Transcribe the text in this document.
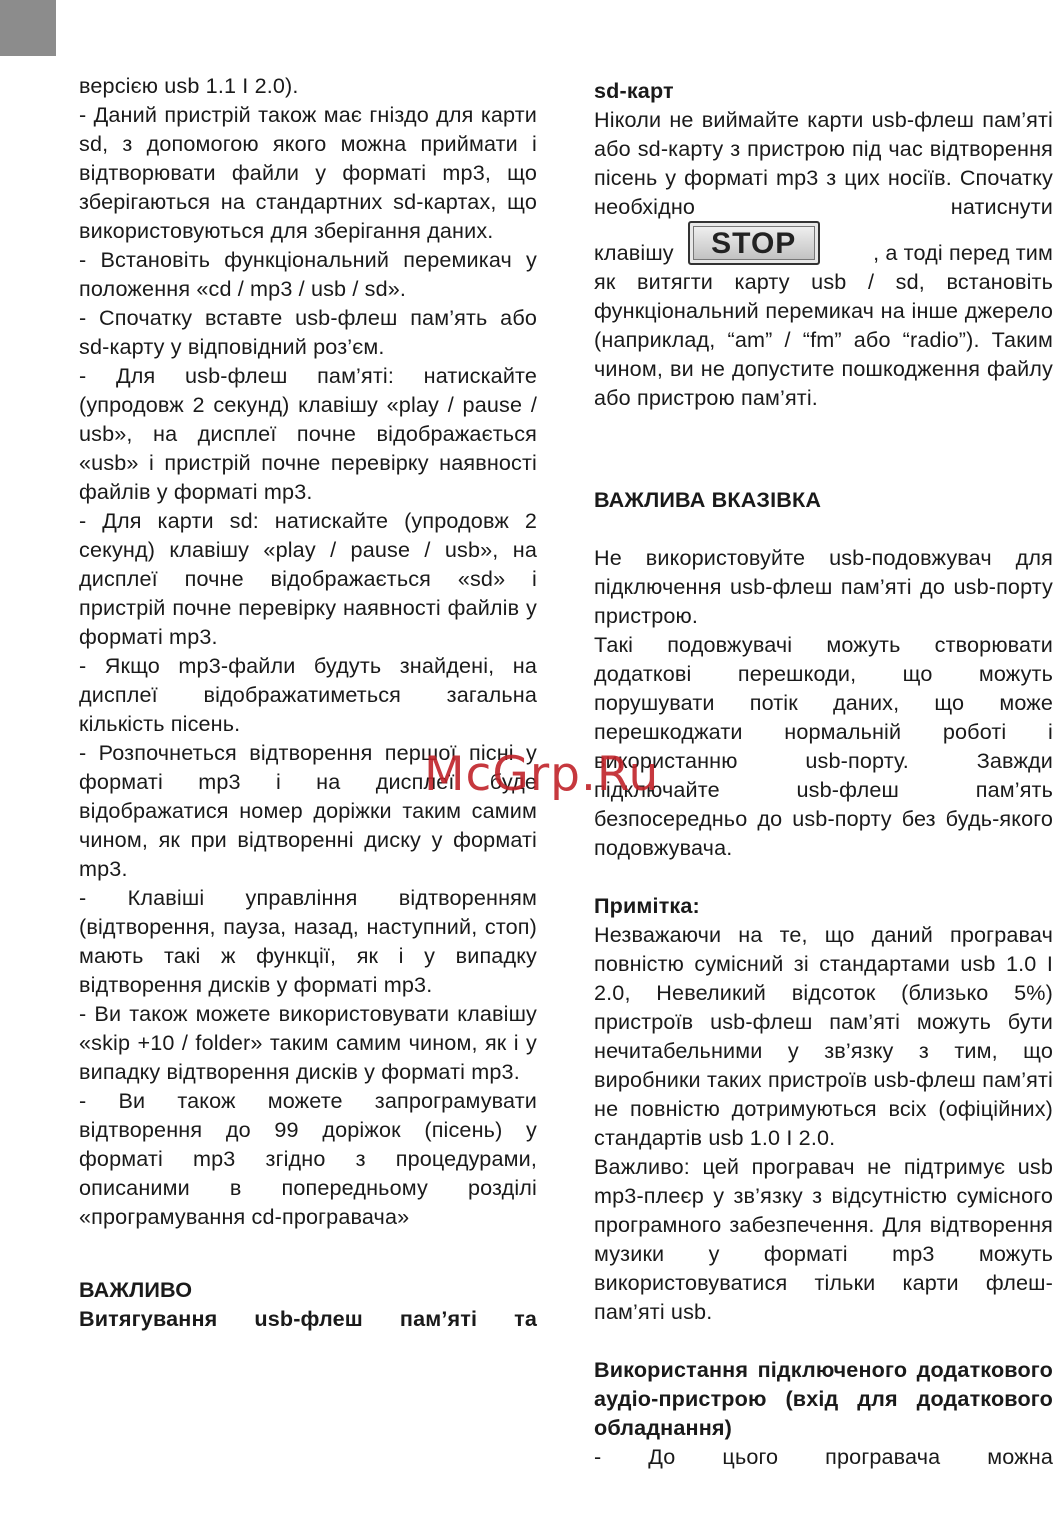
версією usb 1.1 І 2.0).

- Даний пристрій також має гніздо для карти sd, з допомогою якого можна приймати і відтворювати файли у форматі mp3, що зберігаються на стандартних sd-картах, що використовуються для зберігання даних.

- Встановіть функціональний перемикач у положення «cd / mp3 / usb / sd».

- Спочатку вставте usb-флеш пам’ять або sd-карту у відповідний роз’єм.

- Для usb-флеш пам’яті: натискайте (упродовж 2 секунд) клавішу «play / pause / usb», на дисплеї почне відображається «usb» і пристрій почне перевірку наявності файлів у форматі mp3.

- Для карти sd: натискайте (упродовж 2 секунд) клавішу «play / pause / usb», на дисплеї почне відображається «sd» і пристрій почне перевірку наявності файлів у форматі mp3.

- Якщо mp3-файли будуть знайдені, на дисплеї відображатиметься загальна кількість пісень.

- Розпочнеться відтворення першої пісні у форматі mp3 і на дисплеї буде відображатися номер доріжки таким самим чином, як при відтворенні диску у форматі mp3.

- Клавіші управління відтворенням (відтворення, пауза, назад, наступний, стоп) мають такі ж функції, як і у випадку відтворення дисків у форматі mp3.

- Ви також можете використовувати клавішу «skip +10 / folder» таким самим чином, як і у випадку відтворення дисків у форматі mp3.

- Ви також можете запрограмувати відтворення до 99 доріжок (пісень) у форматі mp3 згідно з процедурами, описаними в попередньому розділі «програмування cd-програвача»

ВАЖЛИВО
Витягування usb-флеш пам’яті та
sd-карт

Ніколи не виймайте карти usb-флеш пам’яті або sd-карту з пристрою під час відтворення пісень у форматі mp3 з цих носіїв. Спочатку необхідно натиснути

клавішу	STOP	, а тоді перед тим

як витягти карту usb / sd, встановіть функціональний перемикач на інше джерело (наприклад, “am” / “fm” або “radio”). Таким чином, ви не допустите пошкодження файлу або пристрою пам’яті.

ВАЖЛИВА ВКАЗІВКА

Не використовуйте usb-подовжувач для підключення usb-флеш пам’яті до usb-порту пристрою.

Такі подовжувачі можуть створювати додаткові перешкоди, що можуть порушувати потік даних, що може перешкоджати нормальній роботі і використанню usb-порту. Завжди підключайте usb-флеш пам’ять безпосередньо до usb-порту без будь-якого подовжувача.

Примітка:

Незважаючи на те, що даний програвач повністю сумісний зі стандартами usb 1.0 І 2.0, Невеликий відсоток (близько 5%) пристроїв usb-флеш пам’яті можуть бути нечитабельними у зв’язку з тим, що виробники таких пристроїв usb-флеш пам’яті не повністю дотримуються всіх (офіційних) стандартів usb 1.0 І 2.0.

Важливо: цей програвач не підтримує usb mp3-плеєр у зв’язку з відсутністю сумісного програмного забезпечення. Для відтворення музики у форматі mp3 можуть використовуватися тільки карти флеш-пам’яті usb.

Використання підключеного додаткового аудіо-пристрою (вхід для додаткового обладнання)

- До цього програвача можна

McGrp.Ru
